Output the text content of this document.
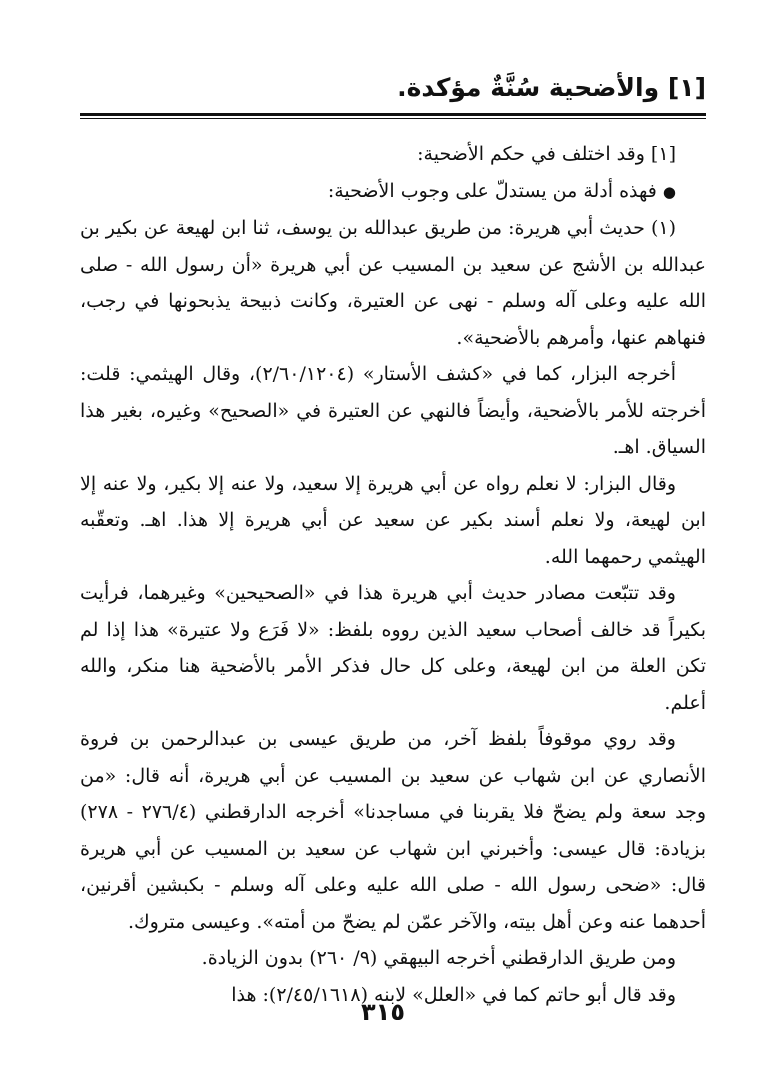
[١] والأضحية سُنَّةٌ مؤكدة.

[١] وقد اختلف في حكم الأضحية:

● فهذه أدلة من يستدلّ على وجوب الأضحية:

(١) حديث أبي هريرة: من طريق عبدالله بن يوسف، ثنا ابن لهيعة عن بكير بن عبدالله بن الأشج عن سعيد بن المسيب عن أبي هريرة «أن رسول الله - صلى الله عليه وعلى آله وسلم - نهى عن العتيرة، وكانت ذبيحة يذبحونها في رجب، فنهاهم عنها، وأمرهم بالأضحية».

أخرجه البزار، كما في «كشف الأستار» (٢/٦٠/١٢٠٤)، وقال الهيثمي: قلت: أخرجته للأمر بالأضحية، وأيضاً فالنهي عن العتيرة في «الصحيح» وغيره، بغير هذا السياق. اهـ.

وقال البزار: لا نعلم رواه عن أبي هريرة إلا سعيد، ولا عنه إلا بكير، ولا عنه إلا ابن لهيعة، ولا نعلم أسند بكير عن سعيد عن أبي هريرة إلا هذا. اهـ. وتعقّبه الهيثمي رحمهما الله.

وقد تتبّعت مصادر حديث أبي هريرة هذا في «الصحيحين» وغيرهما، فرأيت بكيراً قد خالف أصحاب سعيد الذين رووه بلفظ: «لا فَرَع ولا عتيرة» هذا إذا لم تكن العلة من ابن لهيعة، وعلى كل حال فذكر الأمر بالأضحية هنا منكر، والله أعلم.

وقد روي موقوفاً بلفظ آخر، من طريق عيسى بن عبدالرحمن بن فروة الأنصاري عن ابن شهاب عن سعيد بن المسيب عن أبي هريرة، أنه قال: «من وجد سعة ولم يضحّ فلا يقربنا في مساجدنا» أخرجه الدارقطني (٢٧٦/٤ - ٢٧٨) بزيادة: قال عيسى: وأخبرني ابن شهاب عن سعيد بن المسيب عن أبي هريرة قال: «ضحى رسول الله - صلى الله عليه وعلى آله وسلم - بكبشين أقرنين، أحدهما عنه وعن أهل بيته، والآخر عمّن لم يضحّ من أمته». وعيسى متروك.

ومن طريق الدارقطني أخرجه البيهقي (٩/ ٢٦٠) بدون الزيادة.

وقد قال أبو حاتم كما في «العلل» لابنه (٢/٤٥/١٦١٨): هذا

٣١٥
